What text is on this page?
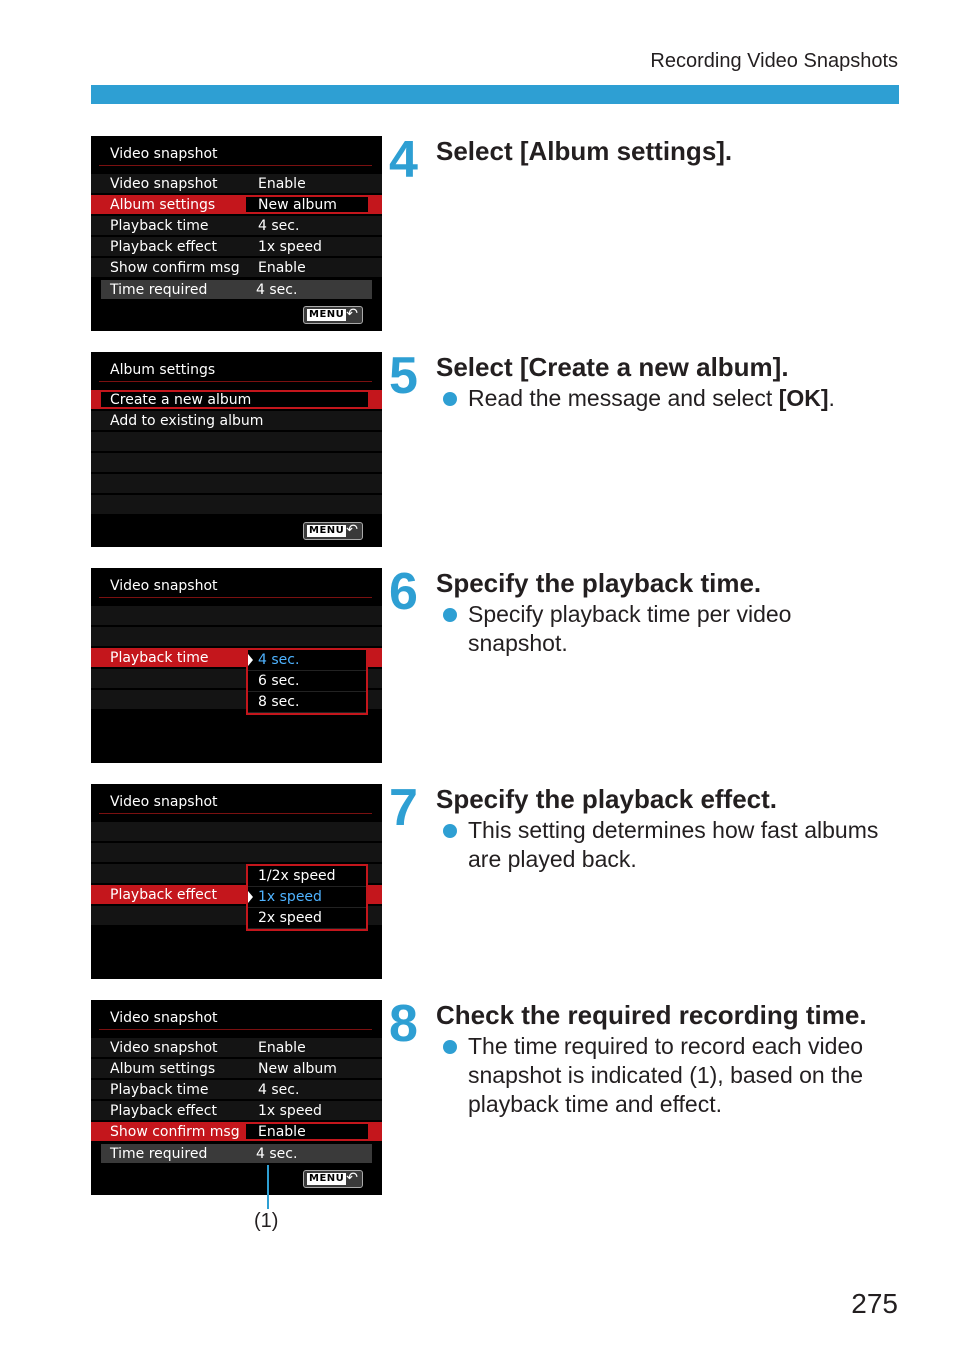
Recording Video Snapshots
Video snapshot
Video snapshot	Enable
Album settings	New album
Playback time	4 sec.
Playback effect	1x speed
Show confirm msg Enable
Time required	4 sec.
MENU ↶
Album settings
Create a new album
Add to existing album
MENU ↶
Video snapshot
Playback time	4 sec.
6 sec.
8 sec.
Video snapshot
Playback effect
1/2x speed
1x speed
2x speed
Video snapshot
Video snapshot	Enable
Album settings	New album
Playback time	4 sec.
Playback effect	1x speed
Show confirm msg Enable
Time required	4 sec.
MENU ↶
(1)
4 Select [Album settings].
5 Select [Create a new album].
Read the message and select [OK].
6 Specify the playback time.
Specify playback time per video snapshot.
7 Specify the playback effect.
This setting determines how fast albums are played back.
8 Check the required recording time.
The time required to record each video snapshot is indicated (1), based on the playback time and effect.
275
